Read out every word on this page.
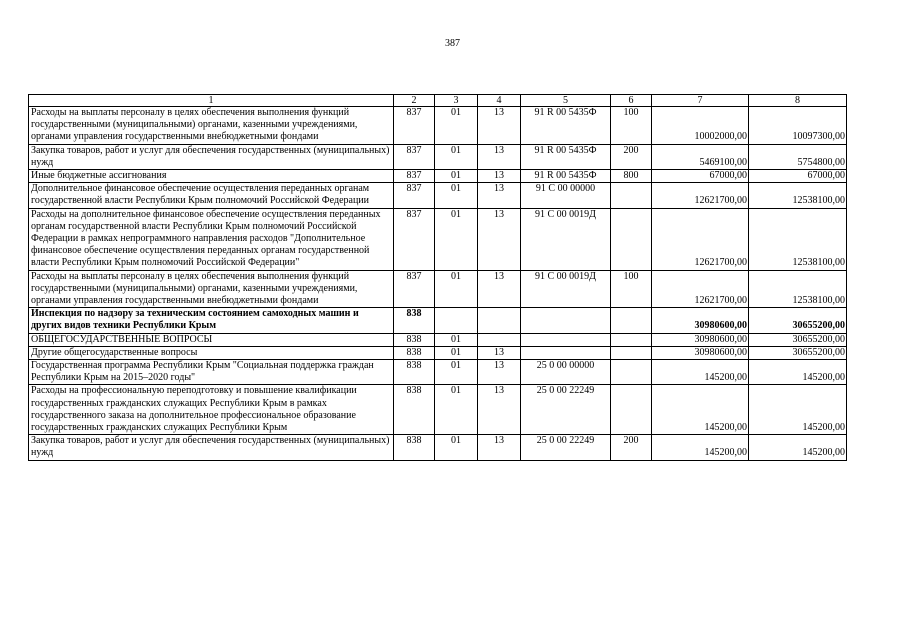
387
1	2	3	4	5	6	7	8
Расходы на выплаты персоналу в целях обеспечения выполнения функций государственными (муниципальными) органами, казенными учреждениями, органами управления государственными внебюджетными фондами	837	01	13	91 R 00 5435Ф	100	10002000,00	10097300,00
Закупка товаров, работ и услуг для обеспечения государственных (муниципальных) нужд	837	01	13	91 R 00 5435Ф	200	5469100,00	5754800,00
Иные бюджетные ассигнования	837	01	13	91 R 00 5435Ф	800	67000,00	67000,00
Дополнительное финансовое обеспечение осуществления переданных органам государственной власти Республики Крым полномочий Российской Федерации	837	01	13	91 С 00 00000		12621700,00	12538100,00
Расходы на дополнительное финансовое обеспечение осуществления переданных органам государственной власти Республики Крым полномочий Российской Федерации в рамках непрограммного направления расходов "Дополнительное финансовое обеспечение осуществления переданных органам государственной власти Республики Крым полномочий Российской Федерации"	837	01	13	91 С 00 0019Д		12621700,00	12538100,00
Расходы на выплаты персоналу в целях обеспечения выполнения функций государственными (муниципальными) органами, казенными учреждениями, органами управления государственными внебюджетными фондами	837	01	13	91 С 00 0019Д	100	12621700,00	12538100,00
Инспекция по надзору за техническим состоянием самоходных машин и других видов техники Республики Крым	838					30980600,00	30655200,00
ОБЩЕГОСУДАРСТВЕННЫЕ ВОПРОСЫ	838	01				30980600,00	30655200,00
Другие общегосударственные вопросы	838	01	13			30980600,00	30655200,00
Государственная программа Республики Крым "Социальная поддержка граждан Республики Крым на 2015–2020 годы"	838	01	13	25 0 00 00000		145200,00	145200,00
Расходы на профессиональную переподготовку и повышение квалификации государственных гражданских служащих Республики Крым в рамках государственного заказа на дополнительное профессиональное образование государственных гражданских служащих Республики Крым	838	01	13	25 0 00 22249		145200,00	145200,00
Закупка товаров, работ и услуг для обеспечения государственных (муниципальных) нужд	838	01	13	25 0 00 22249	200	145200,00	145200,00
